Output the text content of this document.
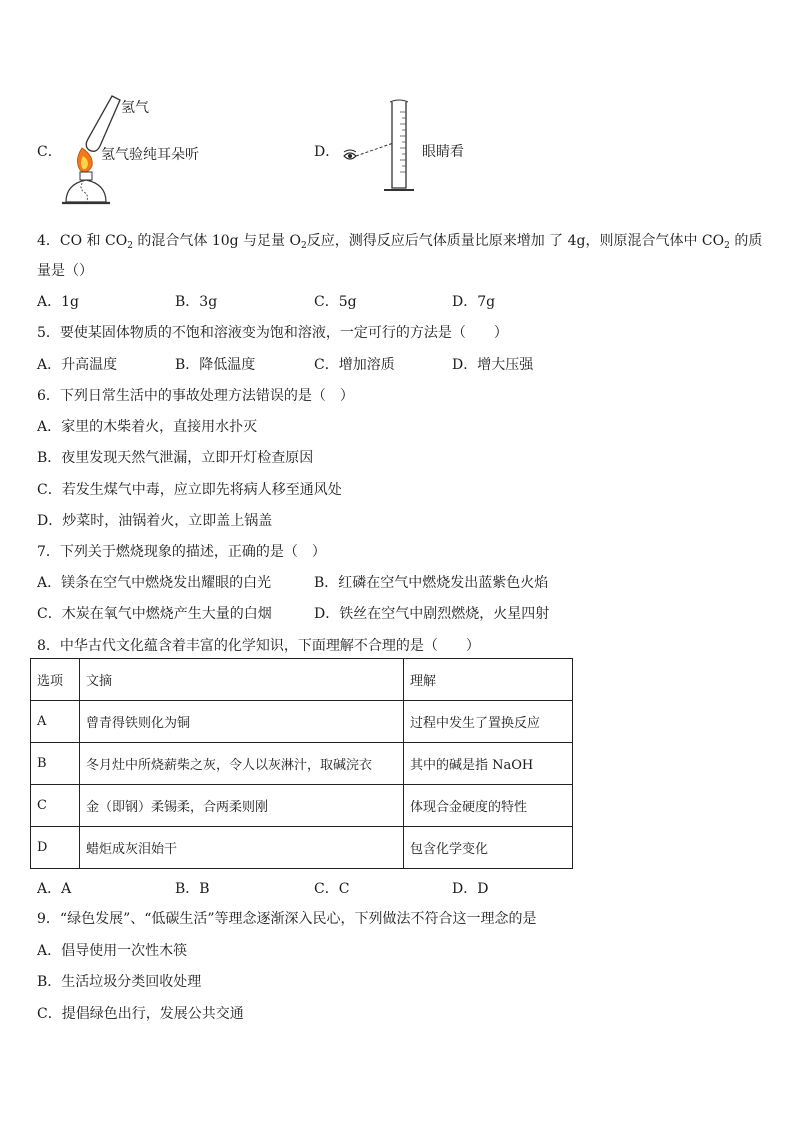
C．
氢气
氢气验纯耳朵听	D．	眼睛看
4．CO 和 $CO_2$ 的混合气体 10g 与足量 $O_2$反应，测得反应后气体质量比原来增加 了 4g，则原混合气体中 $CO_2$ 的质
量是（）
A．1g	B．3g	C．5g	D．7g
5．要使某固体物质的不饱和溶液变为饱和溶液，一定可行的方法是（　　）
A．升高温度	B．降低温度	C．增加溶质	D．增大压强
6．下列日常生活中的事故处理方法错误的是（　）
A．家里的木柴着火，直接用水扑灭
B．夜里发现天然气泄漏，立即开灯检查原因
C．若发生煤气中毒，应立即先将病人移至通风处
D．炒菜时，油锅着火，立即盖上锅盖
7．下列关于燃烧现象的描述，正确的是（　）
A．镁条在空气中燃烧发出耀眼的白光	B．红磷在空气中燃烧发出蓝紫色火焰
C．木炭在氧气中燃烧产生大量的白烟	D．铁丝在空气中剧烈燃烧，火星四射
8．中华古代文化蕴含着丰富的化学知识，下面理解不合理的是（　　）
选项	文摘	理解
A	曾青得铁则化为铜	过程中发生了置换反应
B	冬月灶中所烧薪柴之灰，令人以灰淋汁，取碱浣衣	其中的碱是指 NaOH
C	金（即钢）柔锡柔，合两柔则刚	体现合金硬度的特性
D	蜡炬成灰泪始干	包含化学变化
A．A	B．B	C．C	D．D
9．“绿色发展”、“低碳生活”等理念逐渐深入民心，下列做法不符合这一理念的是
A．倡导使用一次性木筷
B．生活垃圾分类回收处理
C．提倡绿色出行，发展公共交通
